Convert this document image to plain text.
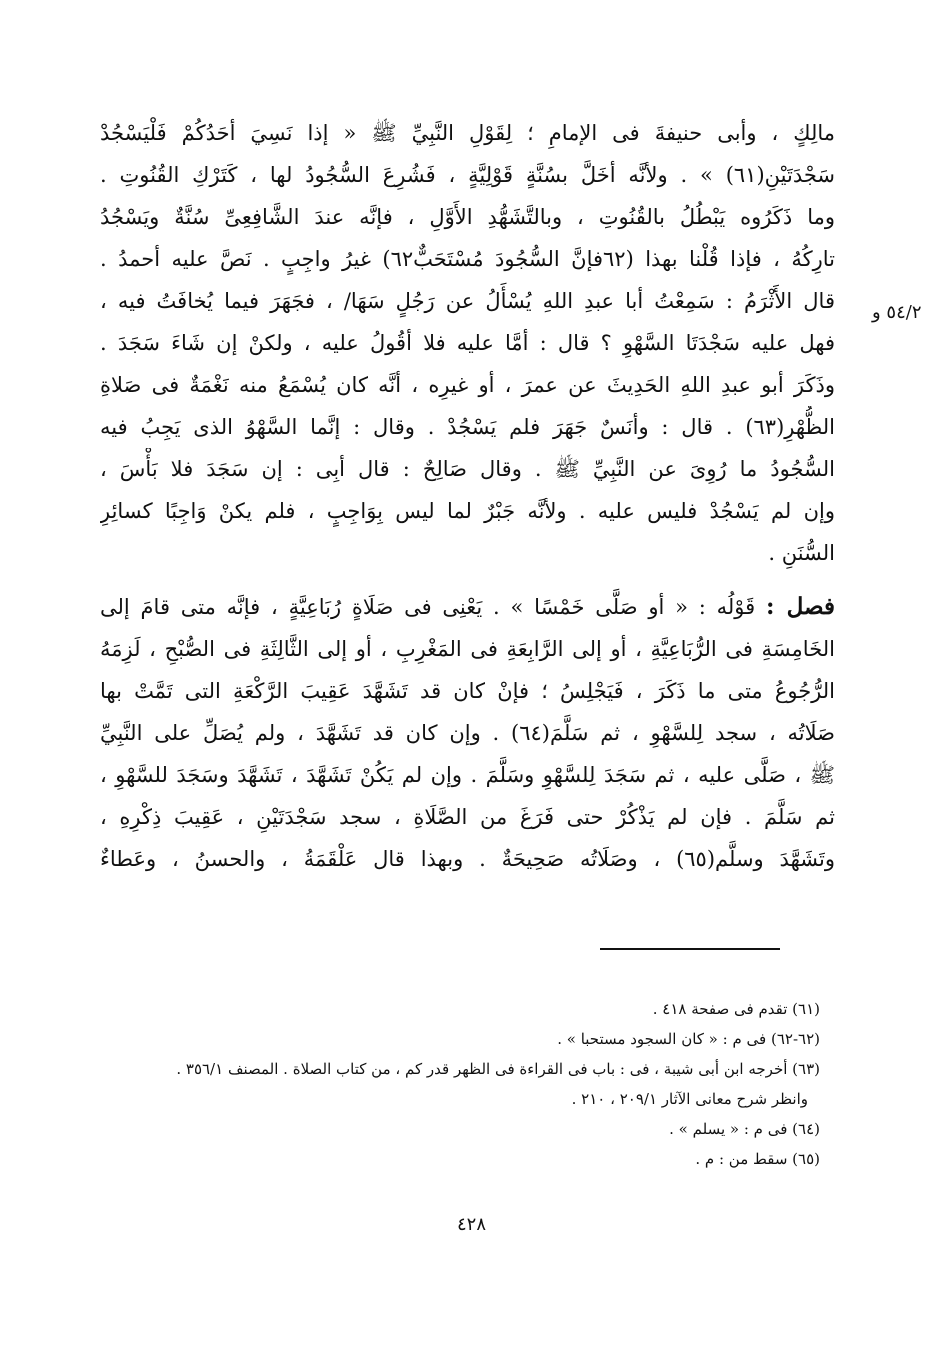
مالِكٍ ، وأبى حنيفةَ فى الإمامِ ؛ لِقَوْلِ النَّبِيِّ ﷺ « إذا نَسِيَ أحَدُكُمْ فَلْيَسْجُدْ
سَجْدَتَيْنِ(٦١) » . ولأنَّه أخَلَّ بسُنَّةٍ قَوْلِيَّةٍ ، فَشُرِعَ السُّجُودُ لها ، كَتَرْكِ القُنُوتِ .
وما ذَكَرُوه يَبْطُلُ بالقُنُوتِ ، وبالتَّشَهُّدِ الأَوَّلِ ، فإنَّه عندَ الشَّافِعِىِّ سُنَّةٌ ويَسْجُدُ
تارِكُهُ ، فإذا قُلْنا بهذا (٦٢فإنَّ السُّجُودَ مُسْتَحَبٌّ٦٢) غيرُ واجِبٍ . نَصَّ عليه أحمدُ .
قال الأَثْرَمُ : سَمِعْتُ أبا عبدِ اللهِ يُسْأَلُ عن رَجُلٍ سَهَا/ ، فجَهَرَ فيما يُخافَتُ فيه ،
فهل عليه سَجْدَتَا السَّهْوِ ؟ قال : أمَّا عليه فلا أقُولُ عليه ، ولكنْ إن شَاءَ سَجَدَ .
وذَكَرَ أبو عبدِ اللهِ الحَدِيثَ عن عمرَ ، أو غيرِه ، أنَّه كان يُسْمَعُ منه نَغْمَةٌ فى صَلاةِ
الظُّهْرِ(٦٣) . قال : وأنَسٌ جَهَرَ فلم يَسْجُدْ . وقال : إنَّما السَّهْوُ الذى يَجِبُ فيه
السُّجُودُ ما رُوِىَ عن النَّبِيِّ ﷺ . وقال صَالِحٌ : قال أبِى : إن سَجَدَ فلا بَأْسَ ،
وإن لم يَسْجُدْ فليس عليه . ولأنَّه جَبْرٌ لما ليس بِوَاجِبٍ ، فلم يكنْ وَاجِبًا كسائِرِ
السُّنَنِ .
فصل : قَوْلُه : « أو صَلَّى خَمْسًا » . يَعْنِى فى صَلَاةٍ رُبَاعِيَّةٍ ، فإنَّه متى قامَ إلى
الخَامِسَةِ فى الرُّبَاعِيَّةِ ، أو إلى الرَّابِعَةِ فى المَغْرِبِ ، أو إلى الثَّالِثَةِ فى الصُّبْحِ ، لَزِمَهُ
الرُّجُوعُ متى ما ذَكَرَ ، فَيَجْلِسُ ؛ فإنْ كان قد تَشَهَّدَ عَقِيبَ الرَّكْعَةِ التى تَمَّتْ بها
صَلَاتُه ، سجد لِلسَّهْوِ ، ثم سَلَّمَ(٦٤) . وإن كان قد تَشَهَّدَ ، ولم يُصَلِّ على النَّبِيِّ
ﷺ ، صَلَّى عليه ، ثم سَجَدَ لِلسَّهْوِ وسَلَّمَ . وإن لم يَكُنْ تَشَهَّدَ ، تَشَهَّدَ وسَجَدَ للسَّهْوِ ،
ثم سَلَّمَ . فإن لم يَذْكُرْ حتى فَرَغَ من الصَّلَاةِ ، سجد سَجْدَتَيْنِ ، عَقِيبَ ذِكْرِهِ ،
وتَشَهَّدَ وسلَّم(٦٥) ، وصَلَاتُه صَحِيحَةٌ . وبهذا قال عَلْقَمَةُ ، والحسنُ ، وعَطاءٌ
٥٤/٢ و
(٦١) تقدم فى صفحة ٤١٨ .
(٦٢-٦٢) فى م : « كان السجود مستحبا » .
(٦٣) أخرجه ابن أبى شيبة ، فى : باب فى القراءة فى الظهر قدر كم ، من كتاب الصلاة . المصنف ٣٥٦/١ .
وانظر شرح معانى الآثار ٢٠٩/١ ، ٢١٠ .
(٦٤) فى م : « يسلم » .
(٦٥) سقط من : م .
٤٢٨
